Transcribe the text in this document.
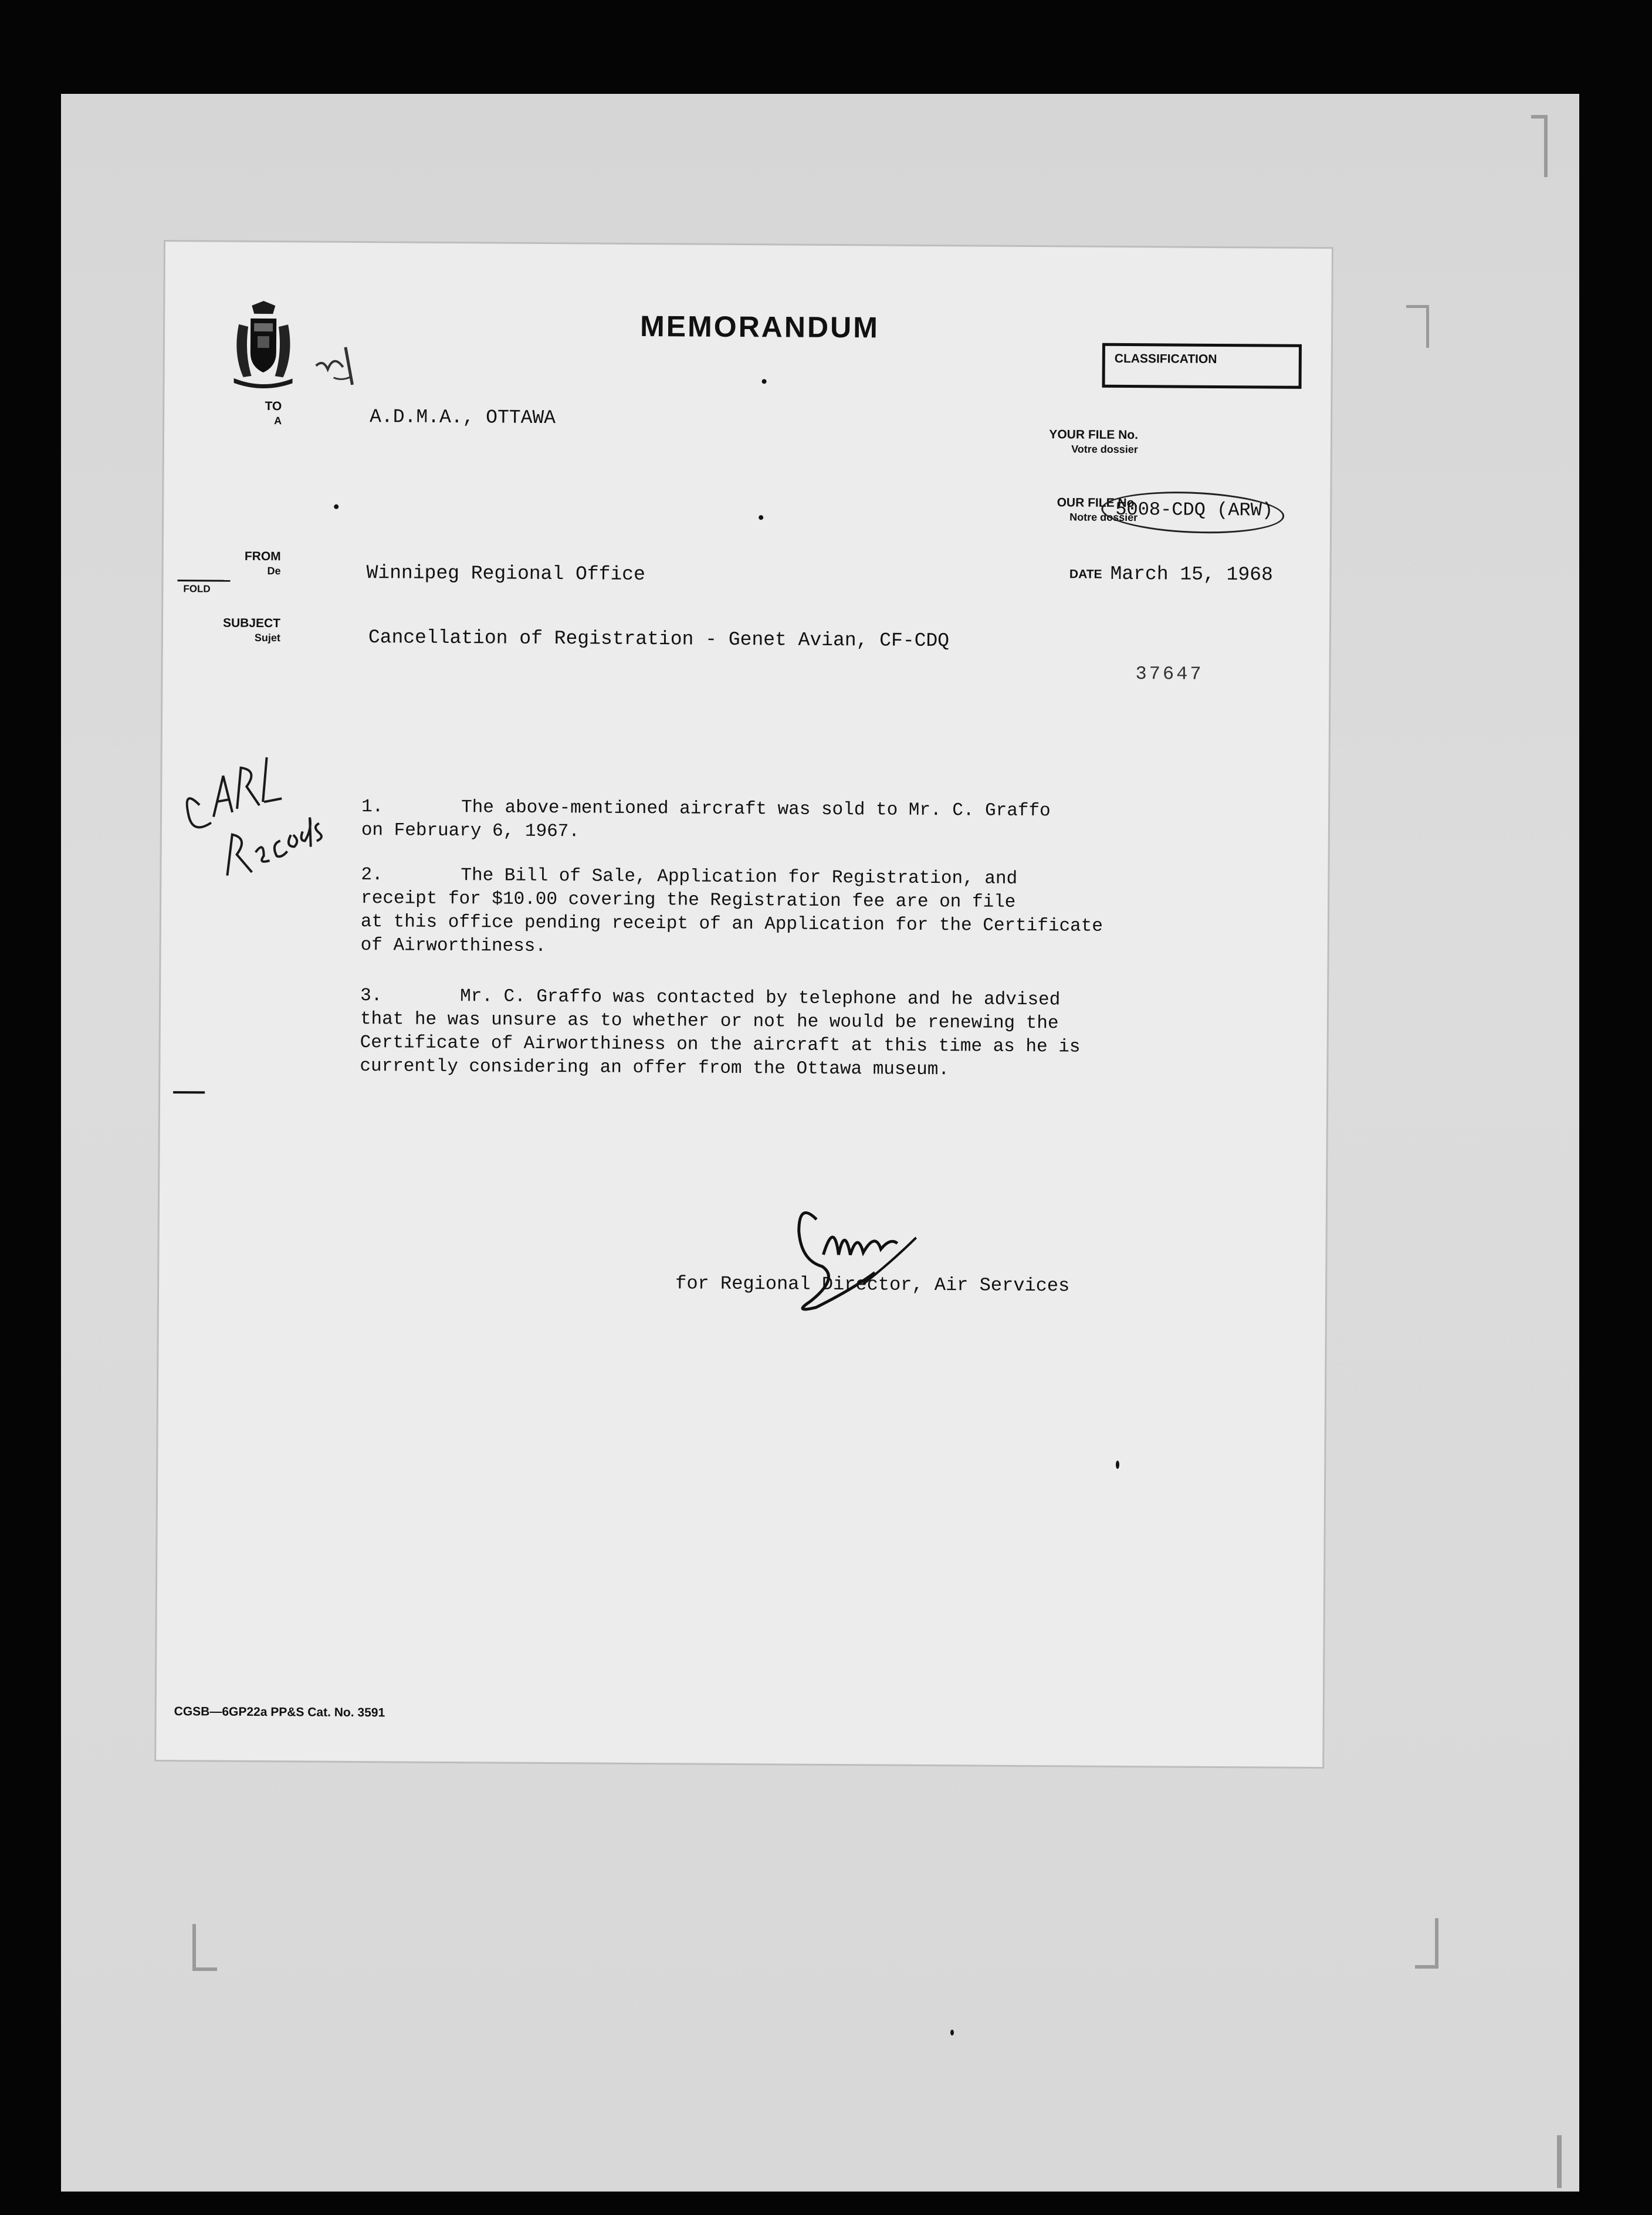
MEMORANDUM
CLASSIFICATION
TO
A	A.D.M.A., OTTAWA
YOUR FILE No.
Votre dossier
OUR FILE No.
Notre dossier
5008-CDQ (ARW)
FROM
De	Winnipeg Regional Office	DATE March 15, 1968
FOLD
SUBJECT
Sujet	Cancellation of Registration - Genet Avian, CF-CDQ
37647
1.	The above-mentioned aircraft was sold to Mr. C. Graffo
on February 6, 1967.
2.	The Bill of Sale, Application for Registration, and
receipt for $10.00 covering the Registration fee are on file
at this office pending receipt of an Application for the Certificate
of Airworthiness.
3.	Mr. C. Graffo was contacted by telephone and he advised
that he was unsure as to whether or not he would be renewing the
Certificate of Airworthiness on the aircraft at this time as he is
currently considering an offer from the Ottawa museum.
for Regional Director, Air Services
CGSB—6GP22a PP&S Cat. No. 3591
